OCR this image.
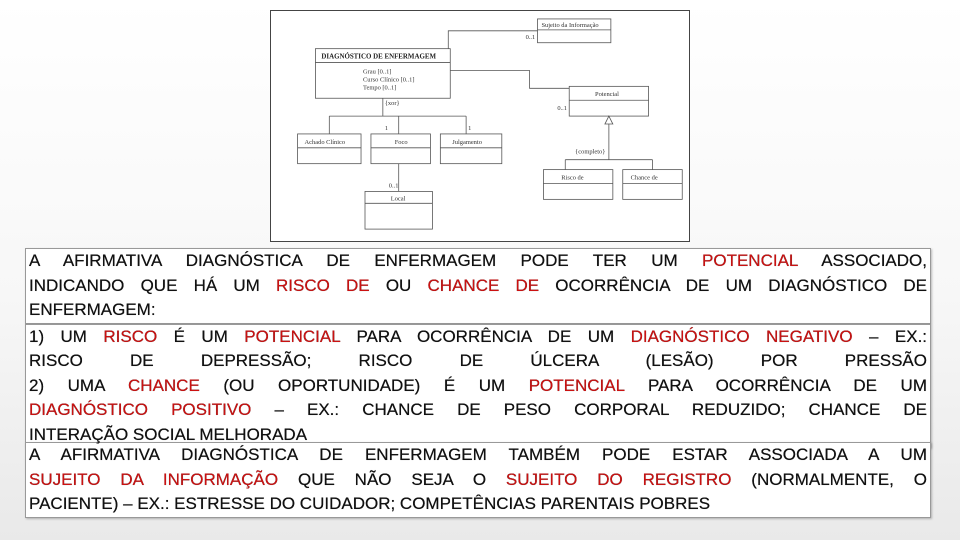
Sujeito da Informação
0..1
DIAGNÓSTICO DE ENFERMAGEM
Grau [0..1]
Curso Clínico [0..1]
Tempo [0..1]
{xor}
1	1
Potencial
0..1
Achado Clínico	Foco	Julgamento
{completo}
Risco de	Chance de
0..1
Local

A AFIRMATIVA DIAGNÓSTICA DE ENFERMAGEM PODE TER UM POTENCIAL ASSOCIADO,

INDICANDO QUE HÁ UM RISCO DE OU CHANCE DE OCORRÊNCIA DE UM DIAGNÓSTICO DE

ENFERMAGEM:

1) UM RISCO É UM POTENCIAL PARA OCORRÊNCIA DE UM DIAGNÓSTICO NEGATIVO – EX.:

RISCO DE DEPRESSÃO; RISCO DE ÚLCERA (LESÃO) POR PRESSÃO

2) UMA CHANCE (OU OPORTUNIDADE) É UM POTENCIAL PARA OCORRÊNCIA DE UM

DIAGNÓSTICO POSITIVO – EX.: CHANCE DE PESO CORPORAL REDUZIDO; CHANCE DE

INTERAÇÃO SOCIAL MELHORADA

A AFIRMATIVA DIAGNÓSTICA DE ENFERMAGEM TAMBÉM PODE ESTAR ASSOCIADA A UM

SUJEITO DA INFORMAÇÃO QUE NÃO SEJA O SUJEITO DO REGISTRO (NORMALMENTE, O

PACIENTE) – EX.: ESTRESSE DO CUIDADOR; COMPETÊNCIAS PARENTAIS POBRES
